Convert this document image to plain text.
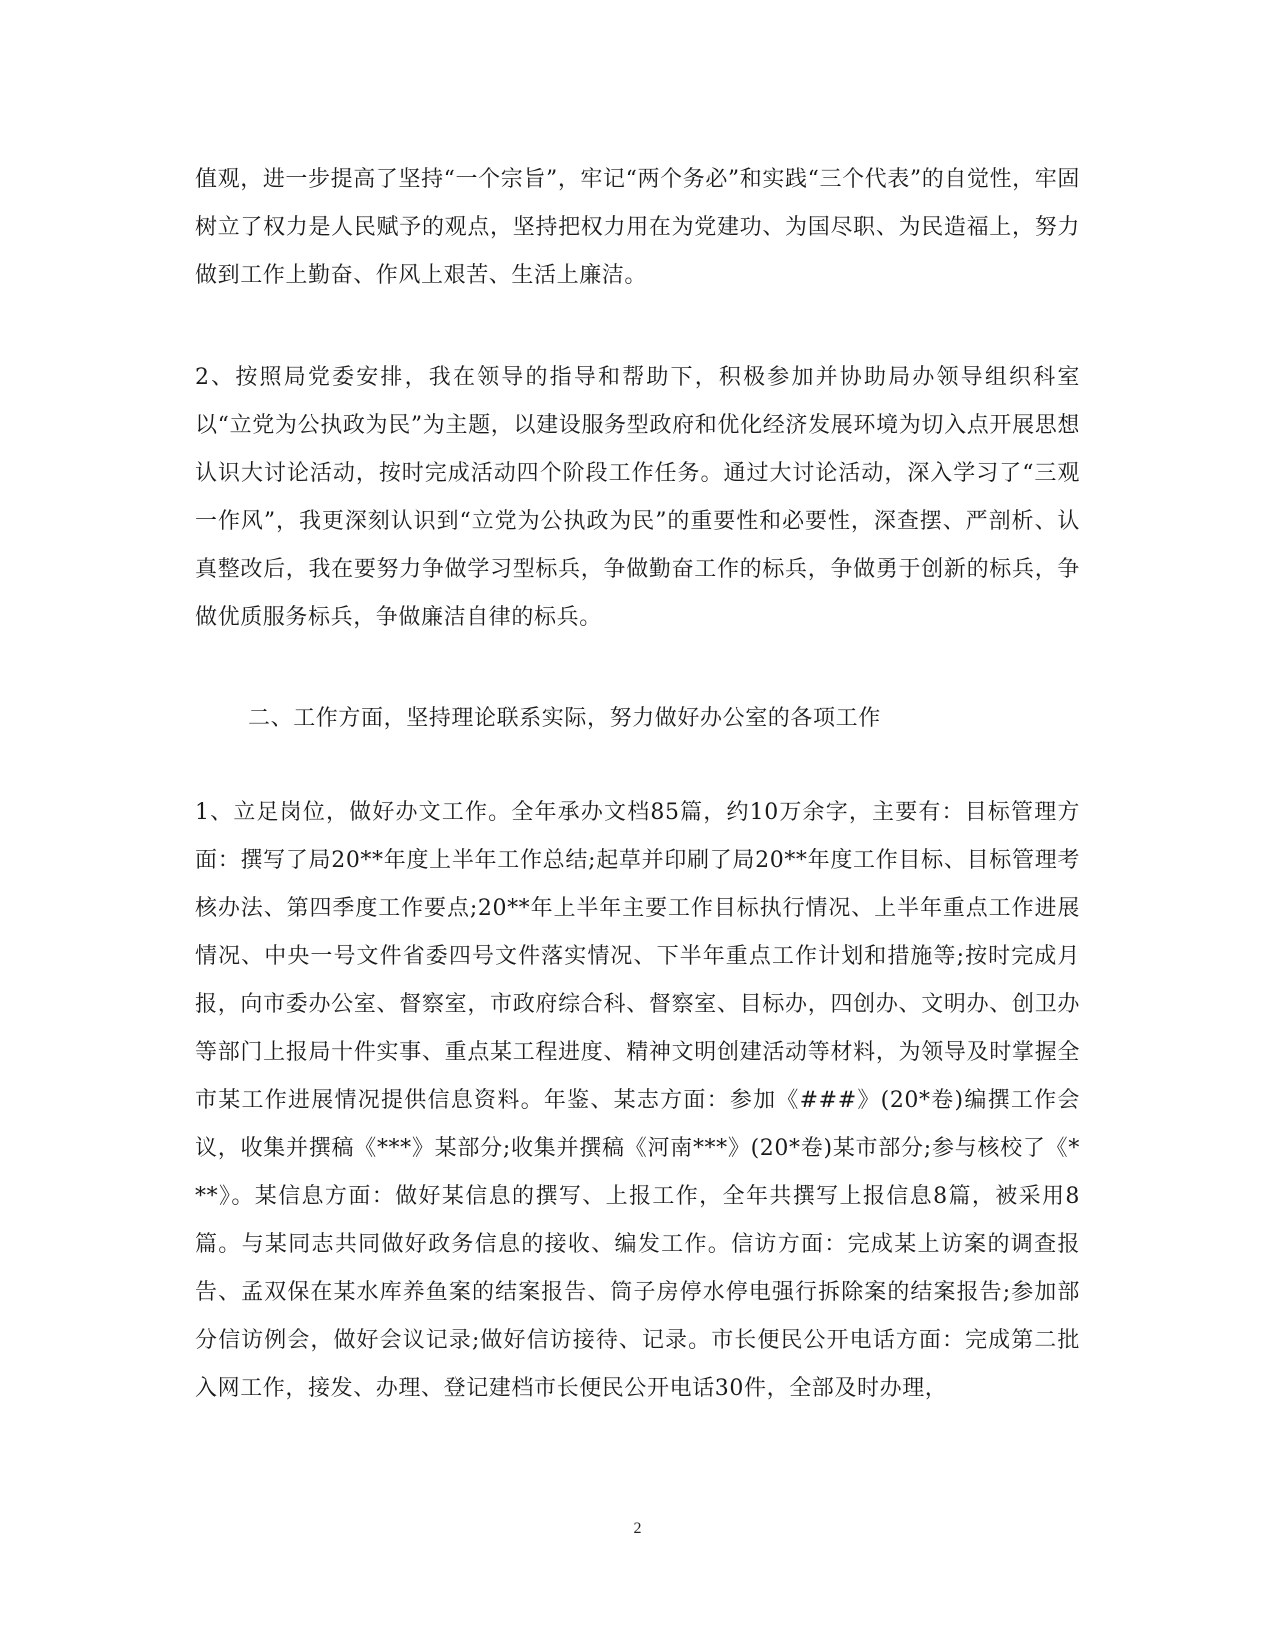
值观，进一步提高了坚持“一个宗旨”，牢记“两个务必”和实践“三个代表”的自觉性，牢固树立了权力是人民赋予的观点，坚持把权力用在为党建功、为国尽职、为民造福上，努力做到工作上勤奋、作风上艰苦、生活上廉洁。

2、按照局党委安排，我在领导的指导和帮助下，积极参加并协助局办领导组织科室以“立党为公执政为民”为主题，以建设服务型政府和优化经济发展环境为切入点开展思想认识大讨论活动，按时完成活动四个阶段工作任务。通过大讨论活动，深入学习了“三观一作风”，我更深刻认识到“立党为公执政为民”的重要性和必要性，深查摆、严剖析、认真整改后，我在要努力争做学习型标兵，争做勤奋工作的标兵，争做勇于创新的标兵，争做优质服务标兵，争做廉洁自律的标兵。

二、工作方面，坚持理论联系实际，努力做好办公室的各项工作

1、立足岗位，做好办文工作。全年承办文档85篇，约10万余字，主要有：目标管理方面：撰写了局20**年度上半年工作总结;起草并印刷了局20**年度工作目标、目标管理考核办法、第四季度工作要点;20**年上半年主要工作目标执行情况、上半年重点工作进展情况、中央一号文件省委四号文件落实情况、下半年重点工作计划和措施等;按时完成月报，向市委办公室、督察室，市政府综合科、督察室、目标办，四创办、文明办、创卫办等部门上报局十件实事、重点某工程进度、精神文明创建活动等材料，为领导及时掌握全市某工作进展情况提供信息资料。年鉴、某志方面：参加《###》(20*卷)编撰工作会议，收集并撰稿《***》某部分;收集并撰稿《河南***》(20*卷)某市部分;参与核校了《***》。某信息方面：做好某信息的撰写、上报工作，全年共撰写上报信息8篇，被采用8篇。与某同志共同做好政务信息的接收、编发工作。信访方面：完成某上访案的调查报告、孟双保在某水库养鱼案的结案报告、筒子房停水停电强行拆除案的结案报告;参加部分信访例会，做好会议记录;做好信访接待、记录。市长便民公开电话方面：完成第二批入网工作，接发、办理、登记建档市长便民公开电话30件，全部及时办理，

2
